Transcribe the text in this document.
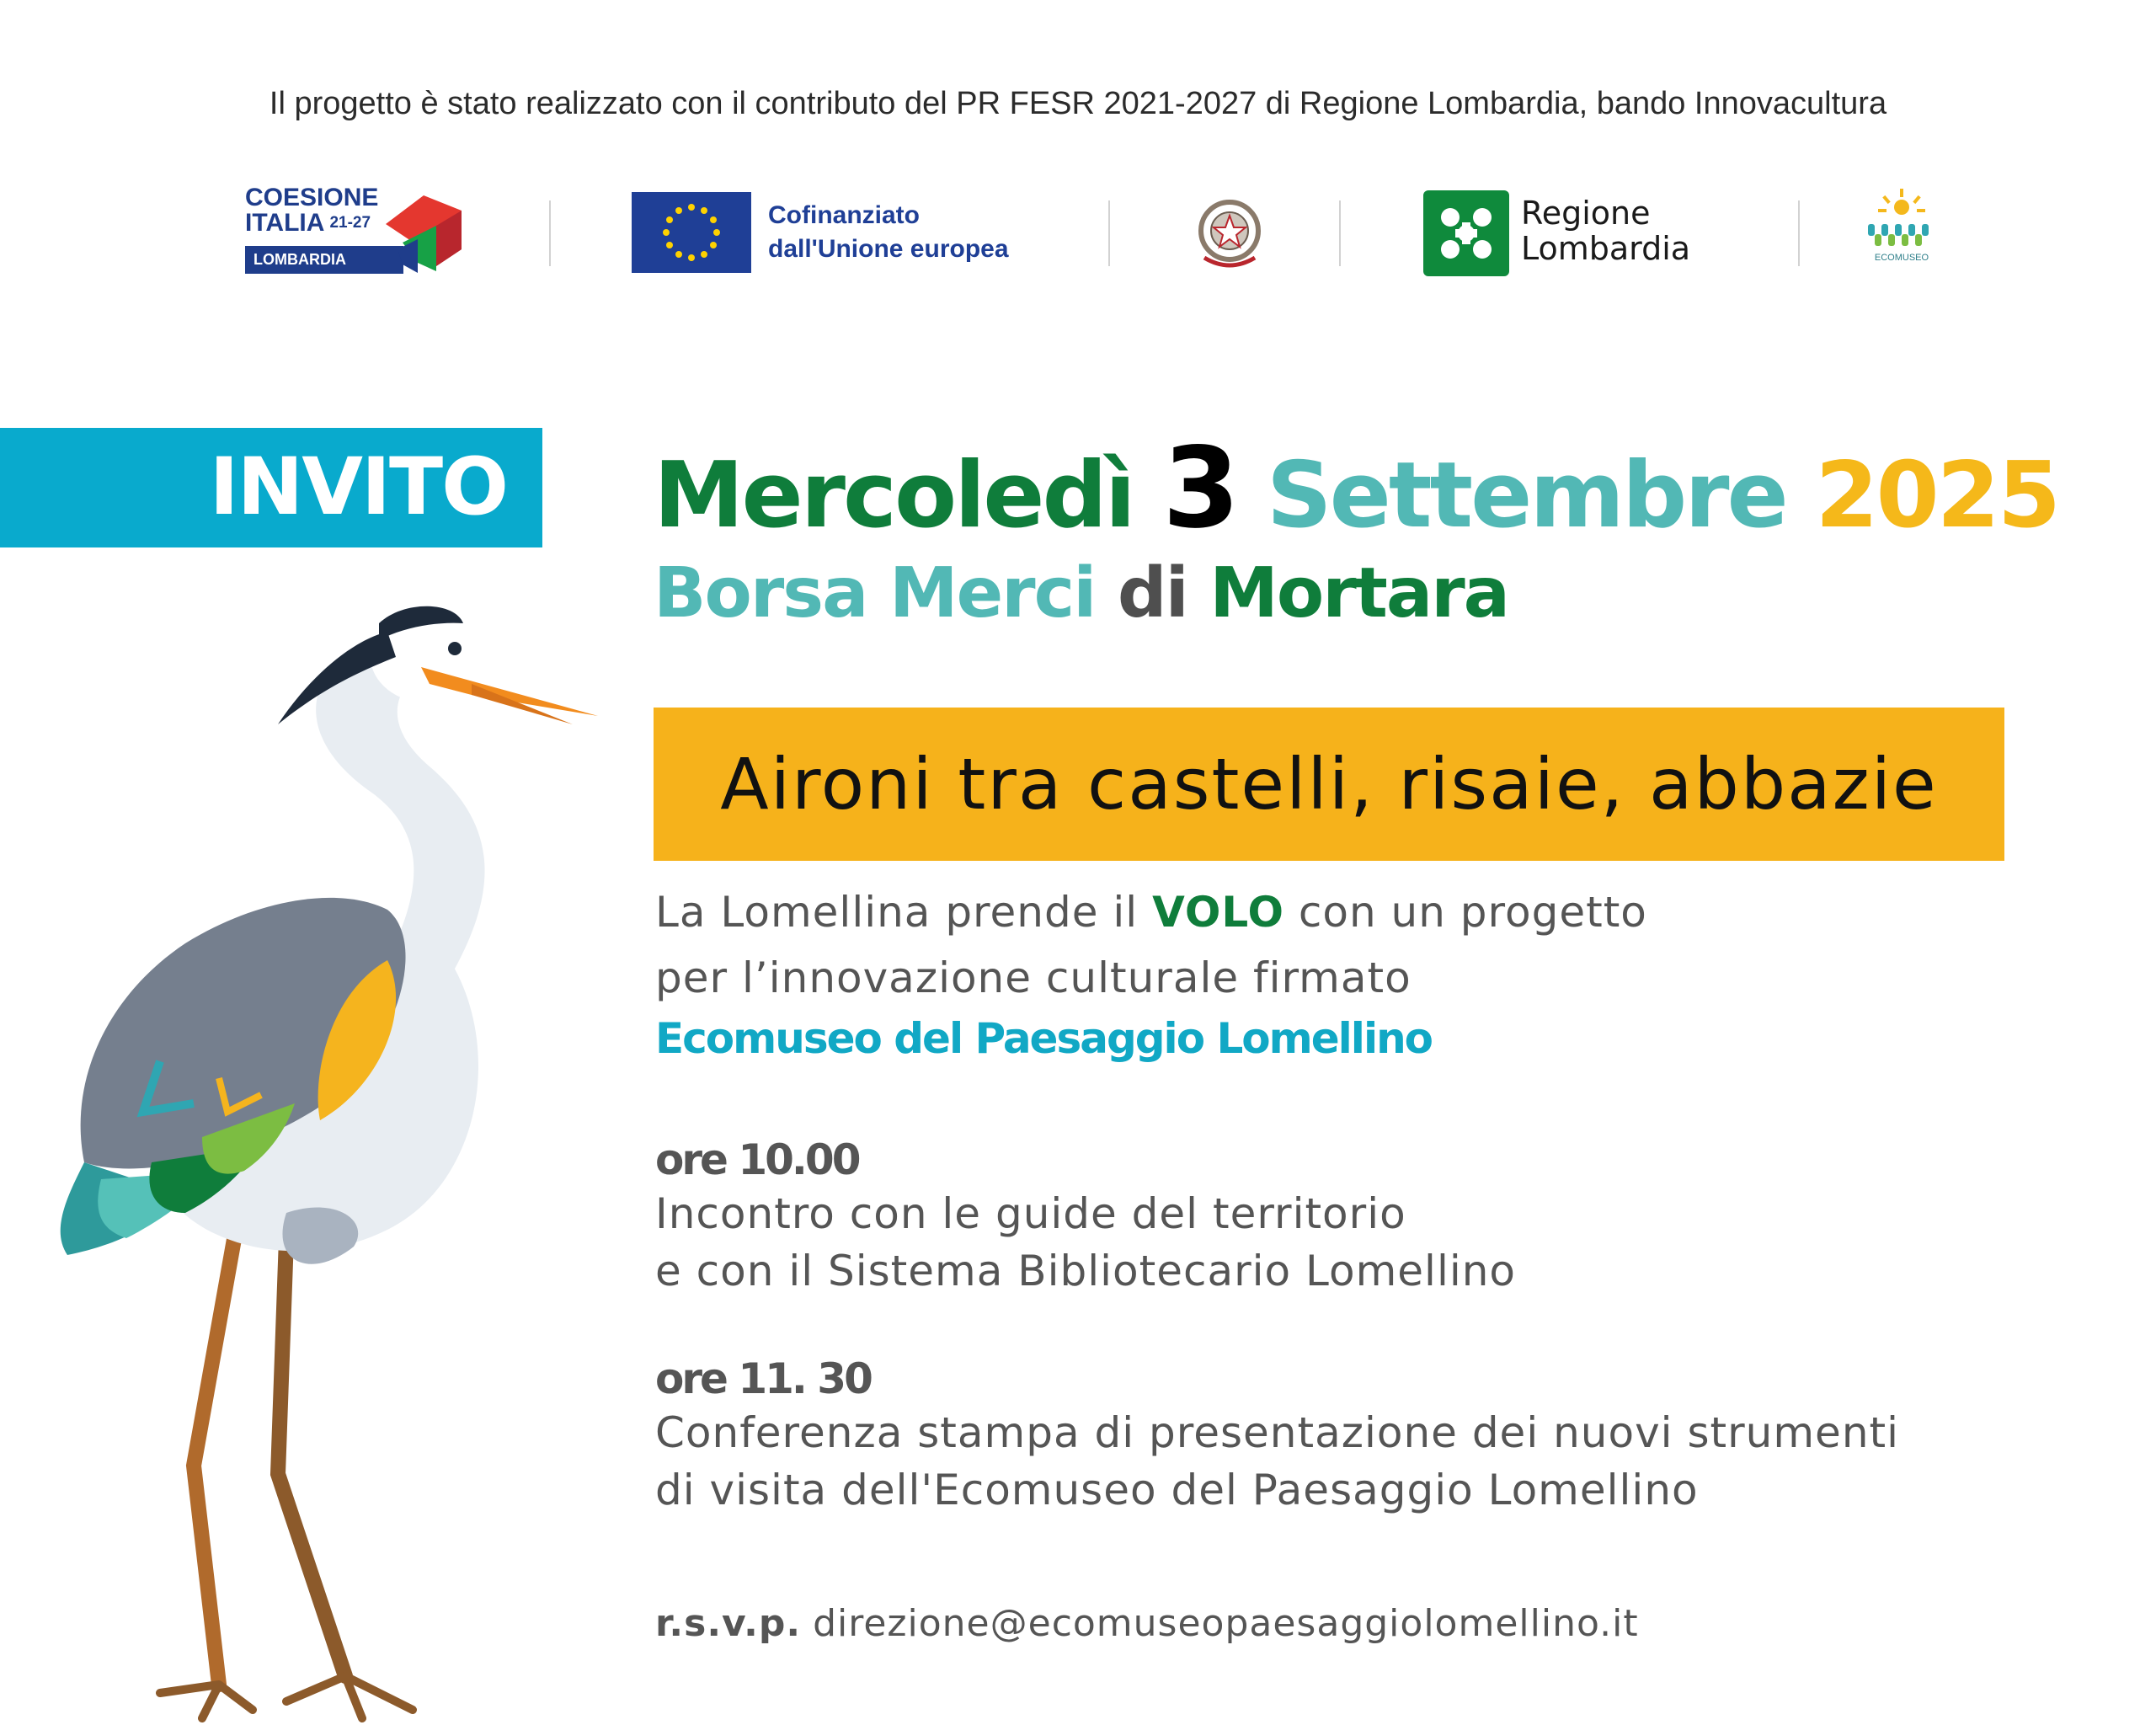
Il progetto è stato realizzato con il contributo del PR FESR 2021-2027 di Regione Lombardia, bando Innovacultura
COESIONE
ITALIA $^{21-27}$
LOMBARDIA
Cofinanziato
dall'Unione europea
Regione
Lombardia	ECOMUSEO
INVITO	Mercoledì 3 Settembre 2025
Borsa Merci di Mortara
Aironi tra castelli, risaie, abbazie
La Lomellina prende il VOLO con un progetto
per l’innovazione culturale firmato
Ecomuseo del Paesaggio Lomellino
ore 10.00
Incontro con le guide del territorio
e con il Sistema Bibliotecario Lomellino
ore 11. 30
Conferenza stampa di presentazione dei nuovi strumenti
di visita dell'Ecomuseo del Paesaggio Lomellino
r.s.v.p. direzione@ecomuseopaesaggiolomellino.it
